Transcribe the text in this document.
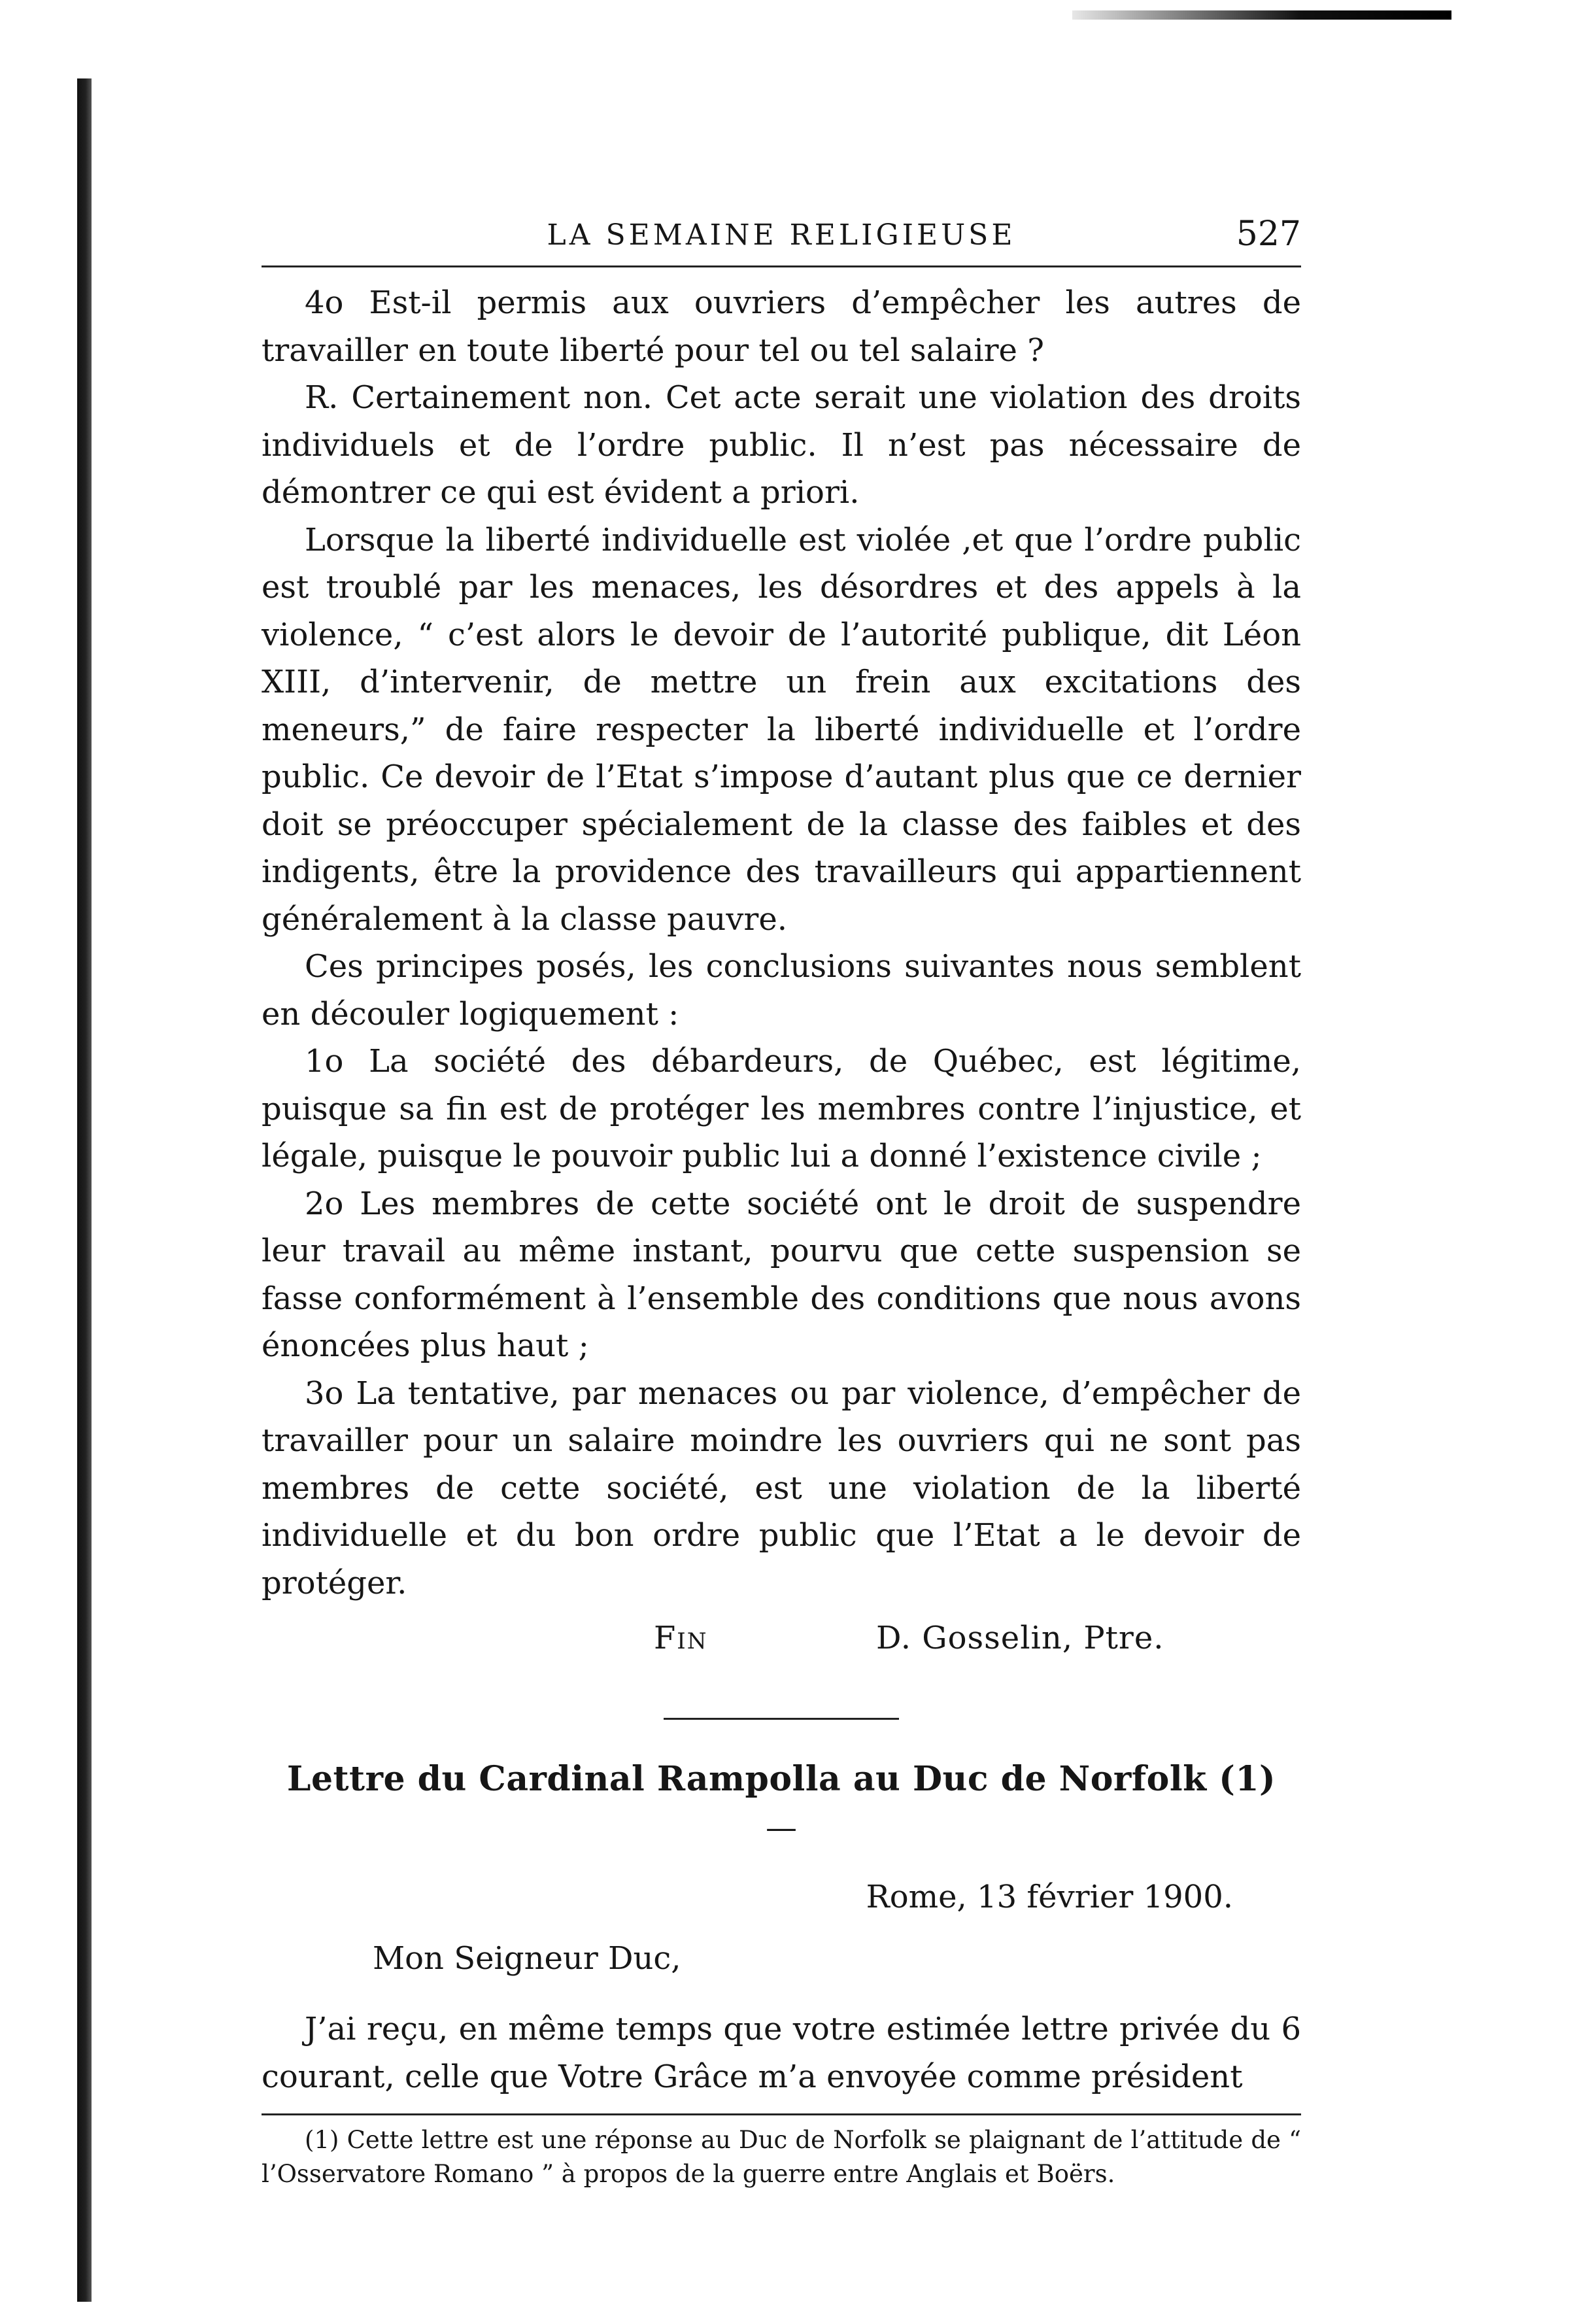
LA SEMAINE RELIGIEUSE	527

4o Est-il permis aux ouvriers d’empêcher les autres de travailler en toute liberté pour tel ou tel salaire ?

R. Certainement non. Cet acte serait une violation des droits individuels et de l’ordre public. Il n’est pas nécessaire de démontrer ce qui est évident a priori.

Lorsque la liberté individuelle est violée ,et que l’ordre public est troublé par les menaces, les désordres et des appels à la violence, “ c’est alors le devoir de l’autorité publique, dit Léon XIII, d’intervenir, de mettre un frein aux excitations des meneurs,” de faire respecter la liberté individuelle et l’ordre public. Ce devoir de l’Etat s’impose d’autant plus que ce dernier doit se préoccuper spécialement de la classe des faibles et des indigents, être la providence des travailleurs qui appartiennent généralement à la classe pauvre.

Ces principes posés, les conclusions suivantes nous semblent en découler logiquement :

1o La société des débardeurs, de Québec, est légitime, puisque sa fin est de protéger les membres contre l’injustice, et légale, puisque le pouvoir public lui a donné l’existence civile ;

2o Les membres de cette société ont le droit de suspendre leur travail au même instant, pourvu que cette suspension se fasse conformément à l’ensemble des conditions que nous avons énoncées plus haut ;

3o La tentative, par menaces ou par violence, d’empêcher de travailler pour un salaire moindre les ouvriers qui ne sont pas membres de cette société, est une violation de la liberté individuelle et du bon ordre public que l’Etat a le devoir de protéger.

Fin	D. Gosselin, Ptre.
Lettre du Cardinal Rampolla au Duc de Norfolk (1)
—
Rome, 13 février 1900.
Mon Seigneur Duc,

J’ai reçu, en même temps que votre estimée lettre privée du 6 courant, celle que Votre Grâce m’a envoyée comme président

(1) Cette lettre est une réponse au Duc de Norfolk se plaignant de l’attitude de “ l’Osservatore Romano ” à propos de la guerre entre Anglais et Boërs.
